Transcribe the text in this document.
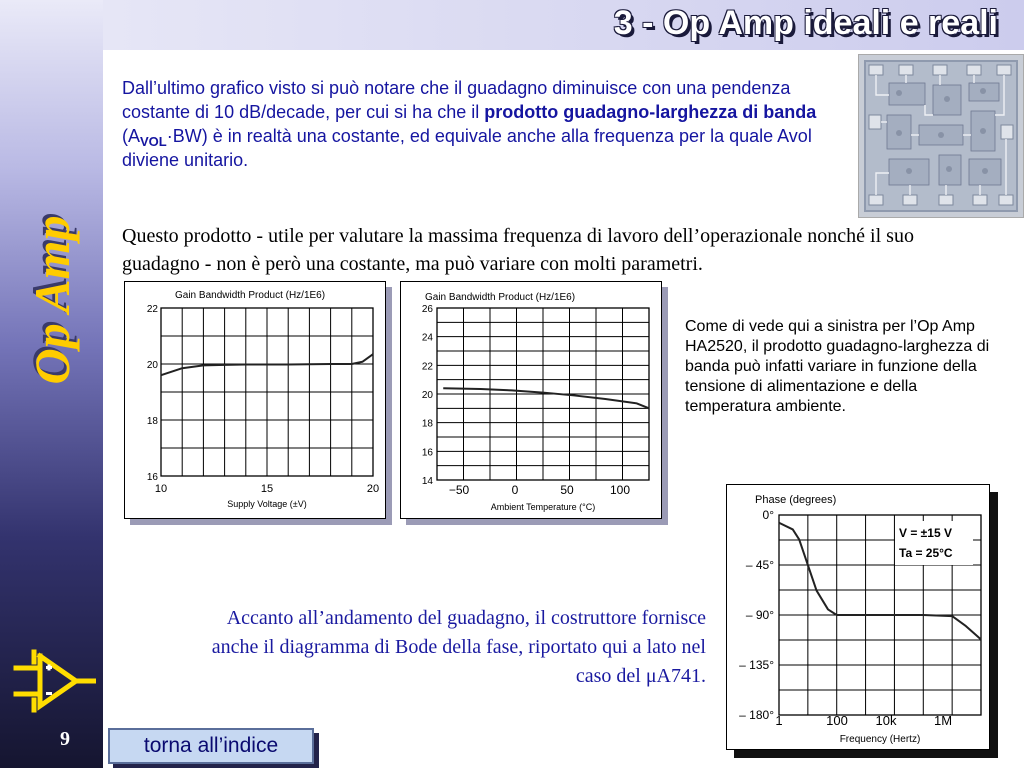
3 - Op Amp ideali e reali
Op Amp
9	torna all’indice

Dall’ultimo grafico visto si può notare che il guadagno diminuisce con una pendenza costante di 10 dB/decade, per cui si ha che il prodotto guadagno-larghezza di banda $(A_{VOL}\cdot BW)$ è in realtà una costante, ed equivale anche alla frequenza per la quale Avol diviene unitario.

Questo prodotto - utile per valutare la massima frequenza di lavoro dell’operazionale nonché il suo guadagno - non è però una costante, ma può variare con molti parametri.

Gain Bandwidth Product (Hz/1E6)
Supply Voltage (±V)
22
20
18
16
10	15	20
Gain Bandwidth Product (Hz/1E6)
Ambient Temperature (°C)
26
24
22
20
18
16
14
−50	0	50	100

Come di vede qui a sinistra per l’Op Amp HA2520, il prodotto guadagno-larghezza di banda può infatti variare in funzione della tensione di alimentazione e della temperatura ambiente.

Phase (degrees)
Frequency (Hertz)
0°
– 45°
– 90°
– 135°
– 180° 1	100 10k	1M
V = ±15 V
Ta = 25°C

Accanto all’andamento del guadagno, il costruttore fornisce anche il diagramma di Bode della fase, riportato qui a lato nel caso del μA741.
